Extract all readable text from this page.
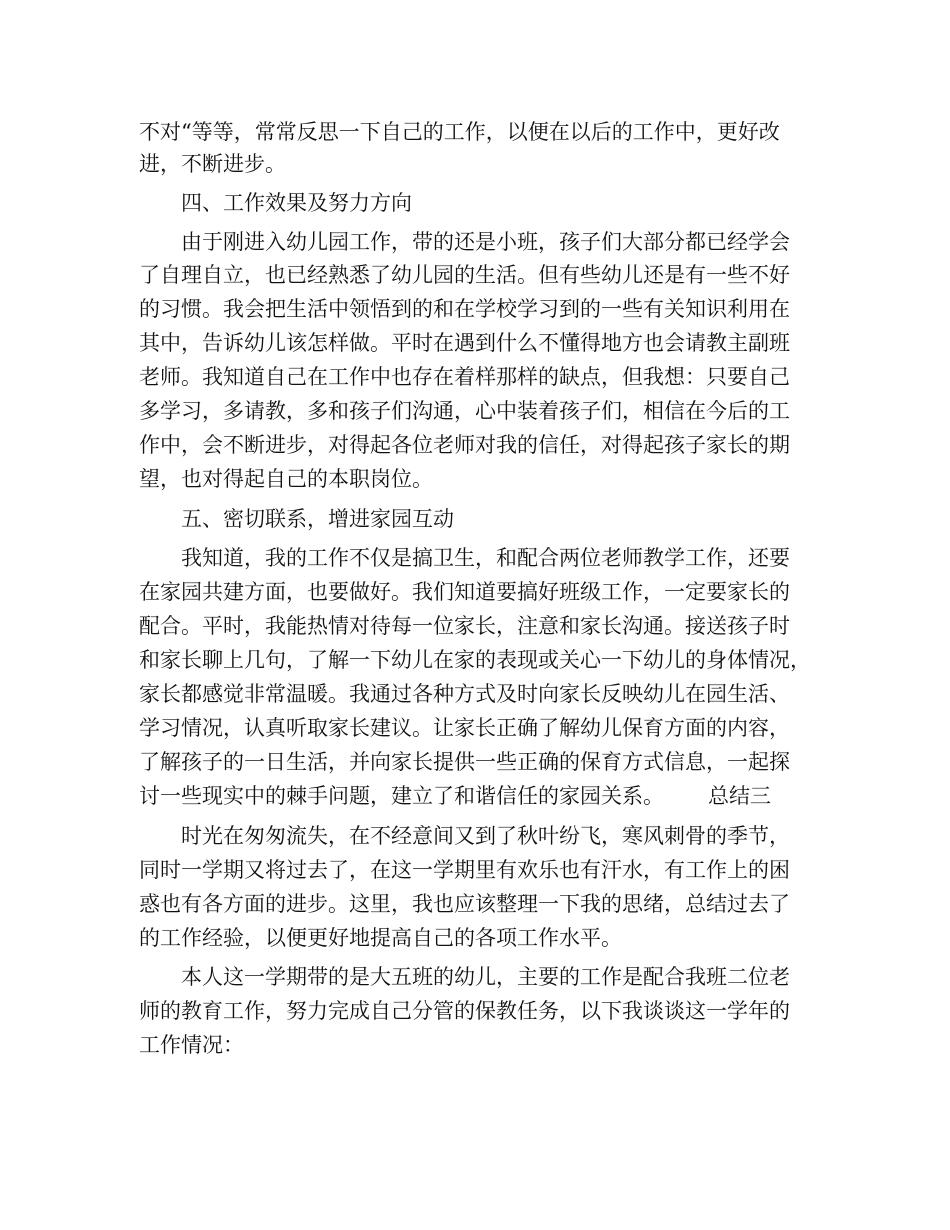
不对“等等，常常反思一下自己的工作，以便在以后的工作中，更好改
进，不断进步。
四、工作效果及努力方向
由于刚进入幼儿园工作，带的还是小班，孩子们大部分都已经学会
了自理自立，也已经熟悉了幼儿园的生活。但有些幼儿还是有一些不好
的习惯。我会把生活中领悟到的和在学校学习到的一些有关知识利用在
其中，告诉幼儿该怎样做。平时在遇到什么不懂得地方也会请教主副班
老师。我知道自己在工作中也存在着样那样的缺点，但我想：只要自己
多学习，多请教，多和孩子们沟通，心中装着孩子们，相信在今后的工
作中，会不断进步，对得起各位老师对我的信任，对得起孩子家长的期
望，也对得起自己的本职岗位。
五、密切联系，增进家园互动
我知道，我的工作不仅是搞卫生，和配合两位老师教学工作，还要
在家园共建方面，也要做好。我们知道要搞好班级工作，一定要家长的
配合。平时，我能热情对待每一位家长，注意和家长沟通。接送孩子时
和家长聊上几句，了解一下幼儿在家的表现或关心一下幼儿的身体情况，
家长都感觉非常温暖。我通过各种方式及时向家长反映幼儿在园生活、
学习情况，认真听取家长建议。让家长正确了解幼儿保育方面的内容，
了解孩子的一日生活，并向家长提供一些正确的保育方式信息，一起探
讨一些现实中的棘手问题，建立了和谐信任的家园关系。 总结三
时光在匆匆流失，在不经意间又到了秋叶纷飞，寒风刺骨的季节，
同时一学期又将过去了，在这一学期里有欢乐也有汗水，有工作上的困
惑也有各方面的进步。这里，我也应该整理一下我的思绪，总结过去了
的工作经验，以便更好地提高自己的各项工作水平。
本人这一学期带的是大五班的幼儿，主要的工作是配合我班二位老
师的教育工作，努力完成自己分管的保教任务，以下我谈谈这一学年的
工作情况：
